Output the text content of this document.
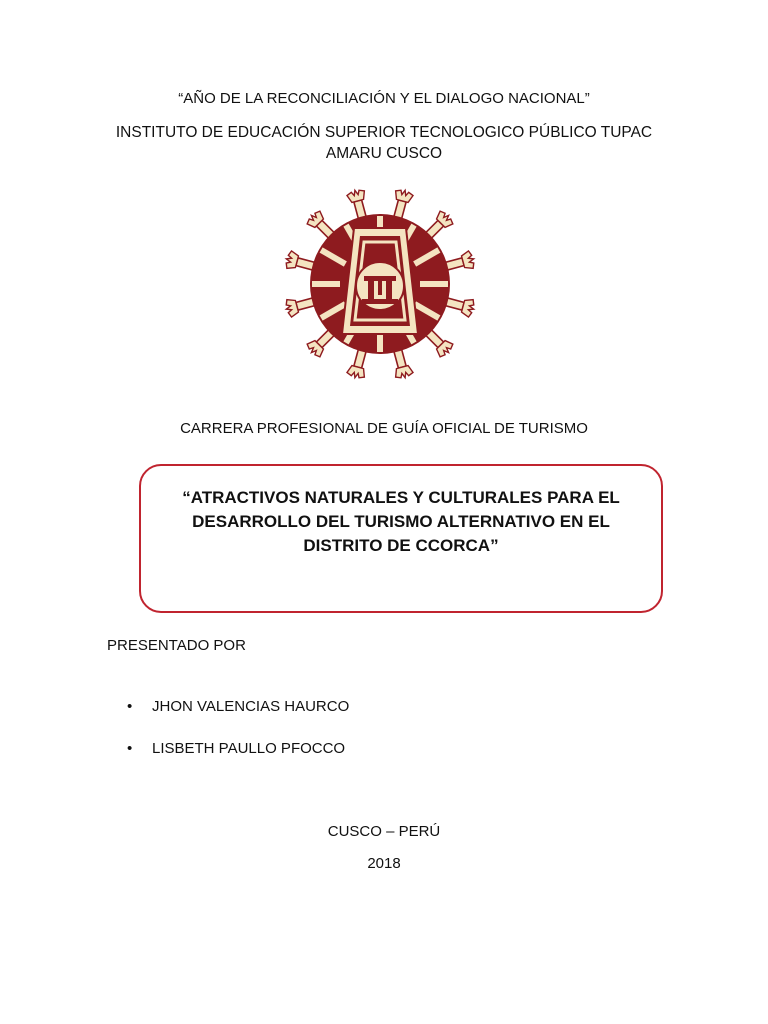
“AÑO DE LA RECONCILIACIÓN Y EL DIALOGO NACIONAL”
INSTITUTO DE EDUCACIÓN SUPERIOR TECNOLOGICO PÚBLICO TUPAC
AMARU CUSCO
CARRERA PROFESIONAL DE GUÍA OFICIAL DE TURISMO
“ATRACTIVOS NATURALES Y CULTURALES PARA EL
DESARROLLO DEL TURISMO ALTERNATIVO EN EL
DISTRITO DE CCORCA”
PRESENTADO POR
• JHON VALENCIAS HAURCO
• LISBETH PAULLO PFOCCO
CUSCO – PERÚ
2018
